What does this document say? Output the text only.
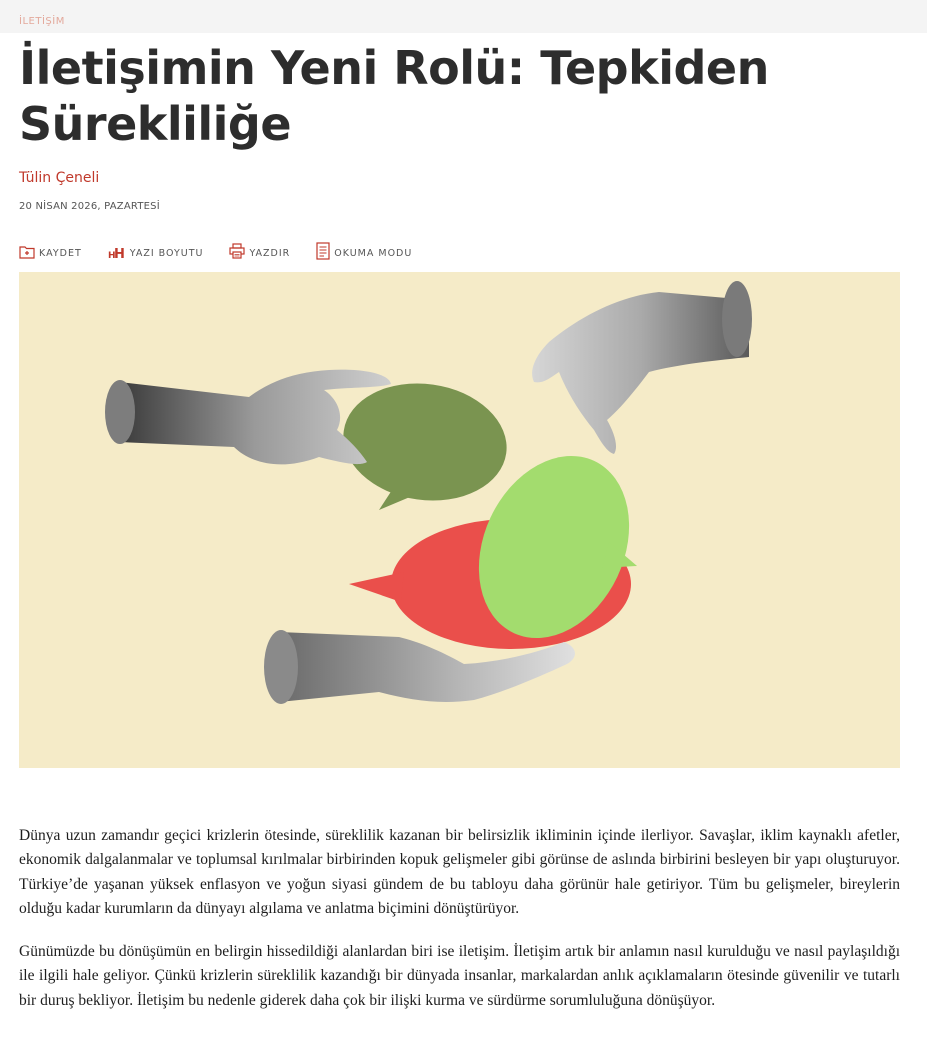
İLETİŞİM
İletişimin Yeni Rolü: Tepkiden Sürekliliğe
Tülin Çeneli
20 NİSAN 2026, PAZARTESİ
KAYDET	H
H YAZI BOYUTU	YAZDIR	OKUMA MODU

Dünya uzun zamandır geçici krizlerin ötesinde, süreklilik kazanan bir belirsizlik ikliminin içinde ilerliyor. Savaşlar, iklim kaynaklı afetler, ekonomik dalgalanmalar ve toplumsal kırılmalar birbirinden kopuk gelişmeler gibi görünse de aslında birbirini besleyen bir yapı oluşturuyor. Türkiye’de yaşanan yüksek enflasyon ve yoğun siyasi gündem de bu tabloyu daha görünür hale getiriyor. Tüm bu gelişmeler, bireylerin olduğu kadar kurumların da dünyayı algılama ve anlatma biçimini dönüştürüyor.

Günümüzde bu dönüşümün en belirgin hissedildiği alanlardan biri ise iletişim. İletişim artık bir anlamın nasıl kurulduğu ve nasıl paylaşıldığı ile ilgili hale geliyor. Çünkü krizlerin süreklilik kazandığı bir dünyada insanlar, markalardan anlık açıklamaların ötesinde güvenilir ve tutarlı bir duruş bekliyor. İletişim bu nedenle giderek daha çok bir ilişki kurma ve sürdürme sorumluluğuna dönüşüyor.
